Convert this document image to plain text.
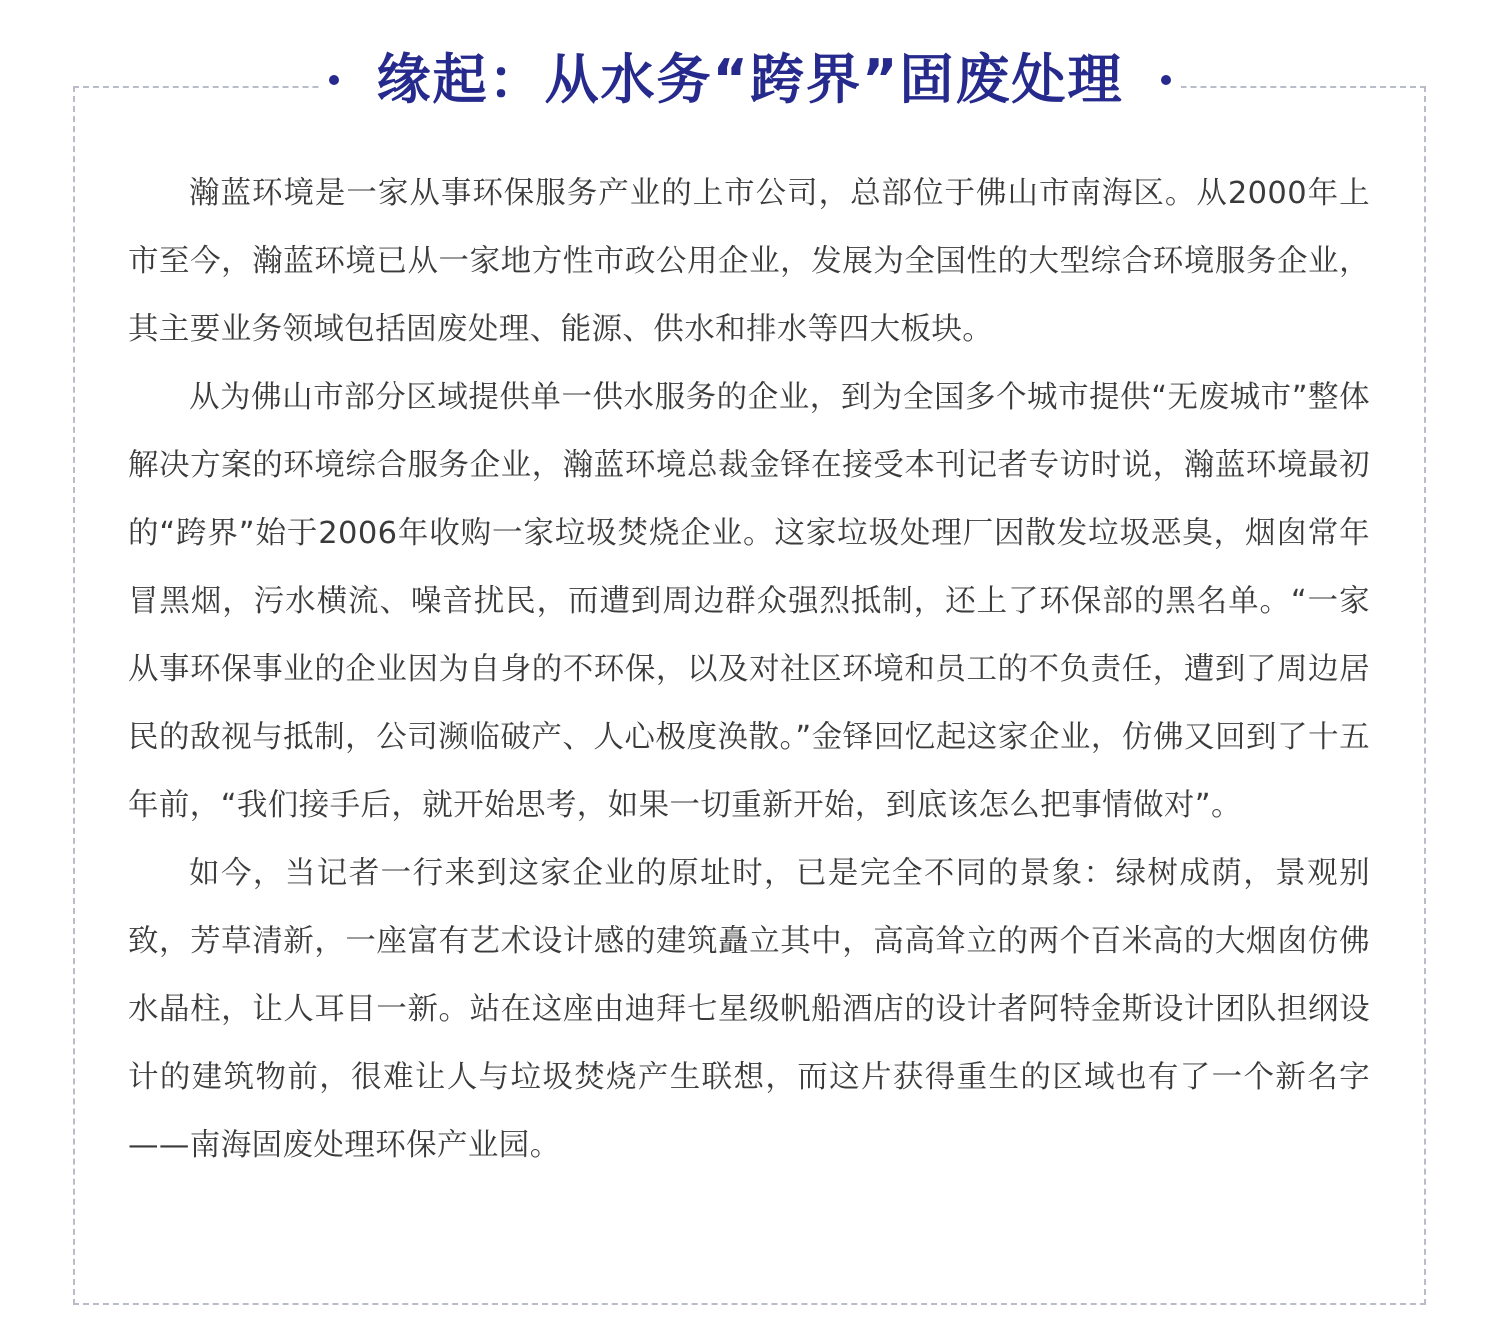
缘起：从水务“跨界”固废处理

瀚蓝环境是一家从事环保服务产业的上市公司，总部位于佛山市南海区。从2000年上市至今，瀚蓝环境已从一家地方性市政公用企业，发展为全国性的大型综合环境服务企业，其主要业务领域包括固废处理、能源、供水和排水等四大板块。

从为佛山市部分区域提供单一供水服务的企业，到为全国多个城市提供“无废城市”整体解决方案的环境综合服务企业，瀚蓝环境总裁金铎在接受本刊记者专访时说，瀚蓝环境最初的“跨界”始于2006年收购一家垃圾焚烧企业。这家垃圾处理厂因散发垃圾恶臭，烟囱常年冒黑烟，污水横流、噪音扰民，而遭到周边群众强烈抵制，还上了环保部的黑名单。“一家从事环保事业的企业因为自身的不环保，以及对社区环境和员工的不负责任，遭到了周边居民的敌视与抵制，公司濒临破产、人心极度涣散。”金铎回忆起这家企业，仿佛又回到了十五年前，“我们接手后，就开始思考，如果一切重新开始，到底该怎么把事情做对”。

如今，当记者一行来到这家企业的原址时，已是完全不同的景象：绿树成荫，景观别致，芳草清新，一座富有艺术设计感的建筑矗立其中，高高耸立的两个百米高的大烟囱仿佛水晶柱，让人耳目一新。站在这座由迪拜七星级帆船酒店的设计者阿特金斯设计团队担纲设计的建筑物前，很难让人与垃圾焚烧产生联想，而这片获得重生的区域也有了一个新名字——南海固废处理环保产业园。
